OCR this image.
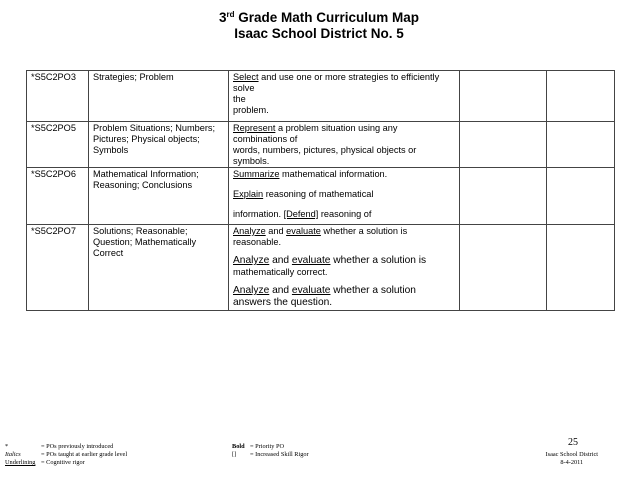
3rd Grade Math Curriculum Map
Isaac School District No. 5
*S5C2PO3	Strategies; Problem	Select and use one or more strategies to efficiently solve
the
problem.		

*S5C2PO5	Problem Situations; Numbers; Pictures; Physical objects; Symbols	Represent a problem situation using any
combinations of
words, numbers, pictures, physical objects or symbols.		

*S5C2PO6	Mathematical Information; Reasoning; Conclusions	Summarize mathematical information.
Explain reasoning of mathematical
information. [Defend] reasoning of		

*S5C2PO7	Solutions; Reasonable; Question; Mathematically Correct	Analyze and evaluate whether a solution is reasonable.
Analyze and evaluate whether a solution is
mathematically correct.
Analyze and evaluate whether a solution
answers the question.		

*	= POs previously introduced
Italics	= POs taught at earlier grade level
Underlining = Cognitive rigor
Bold = Priority PO
[] = Increased Skill Rigor
25
Isaac School District
8-4-2011
